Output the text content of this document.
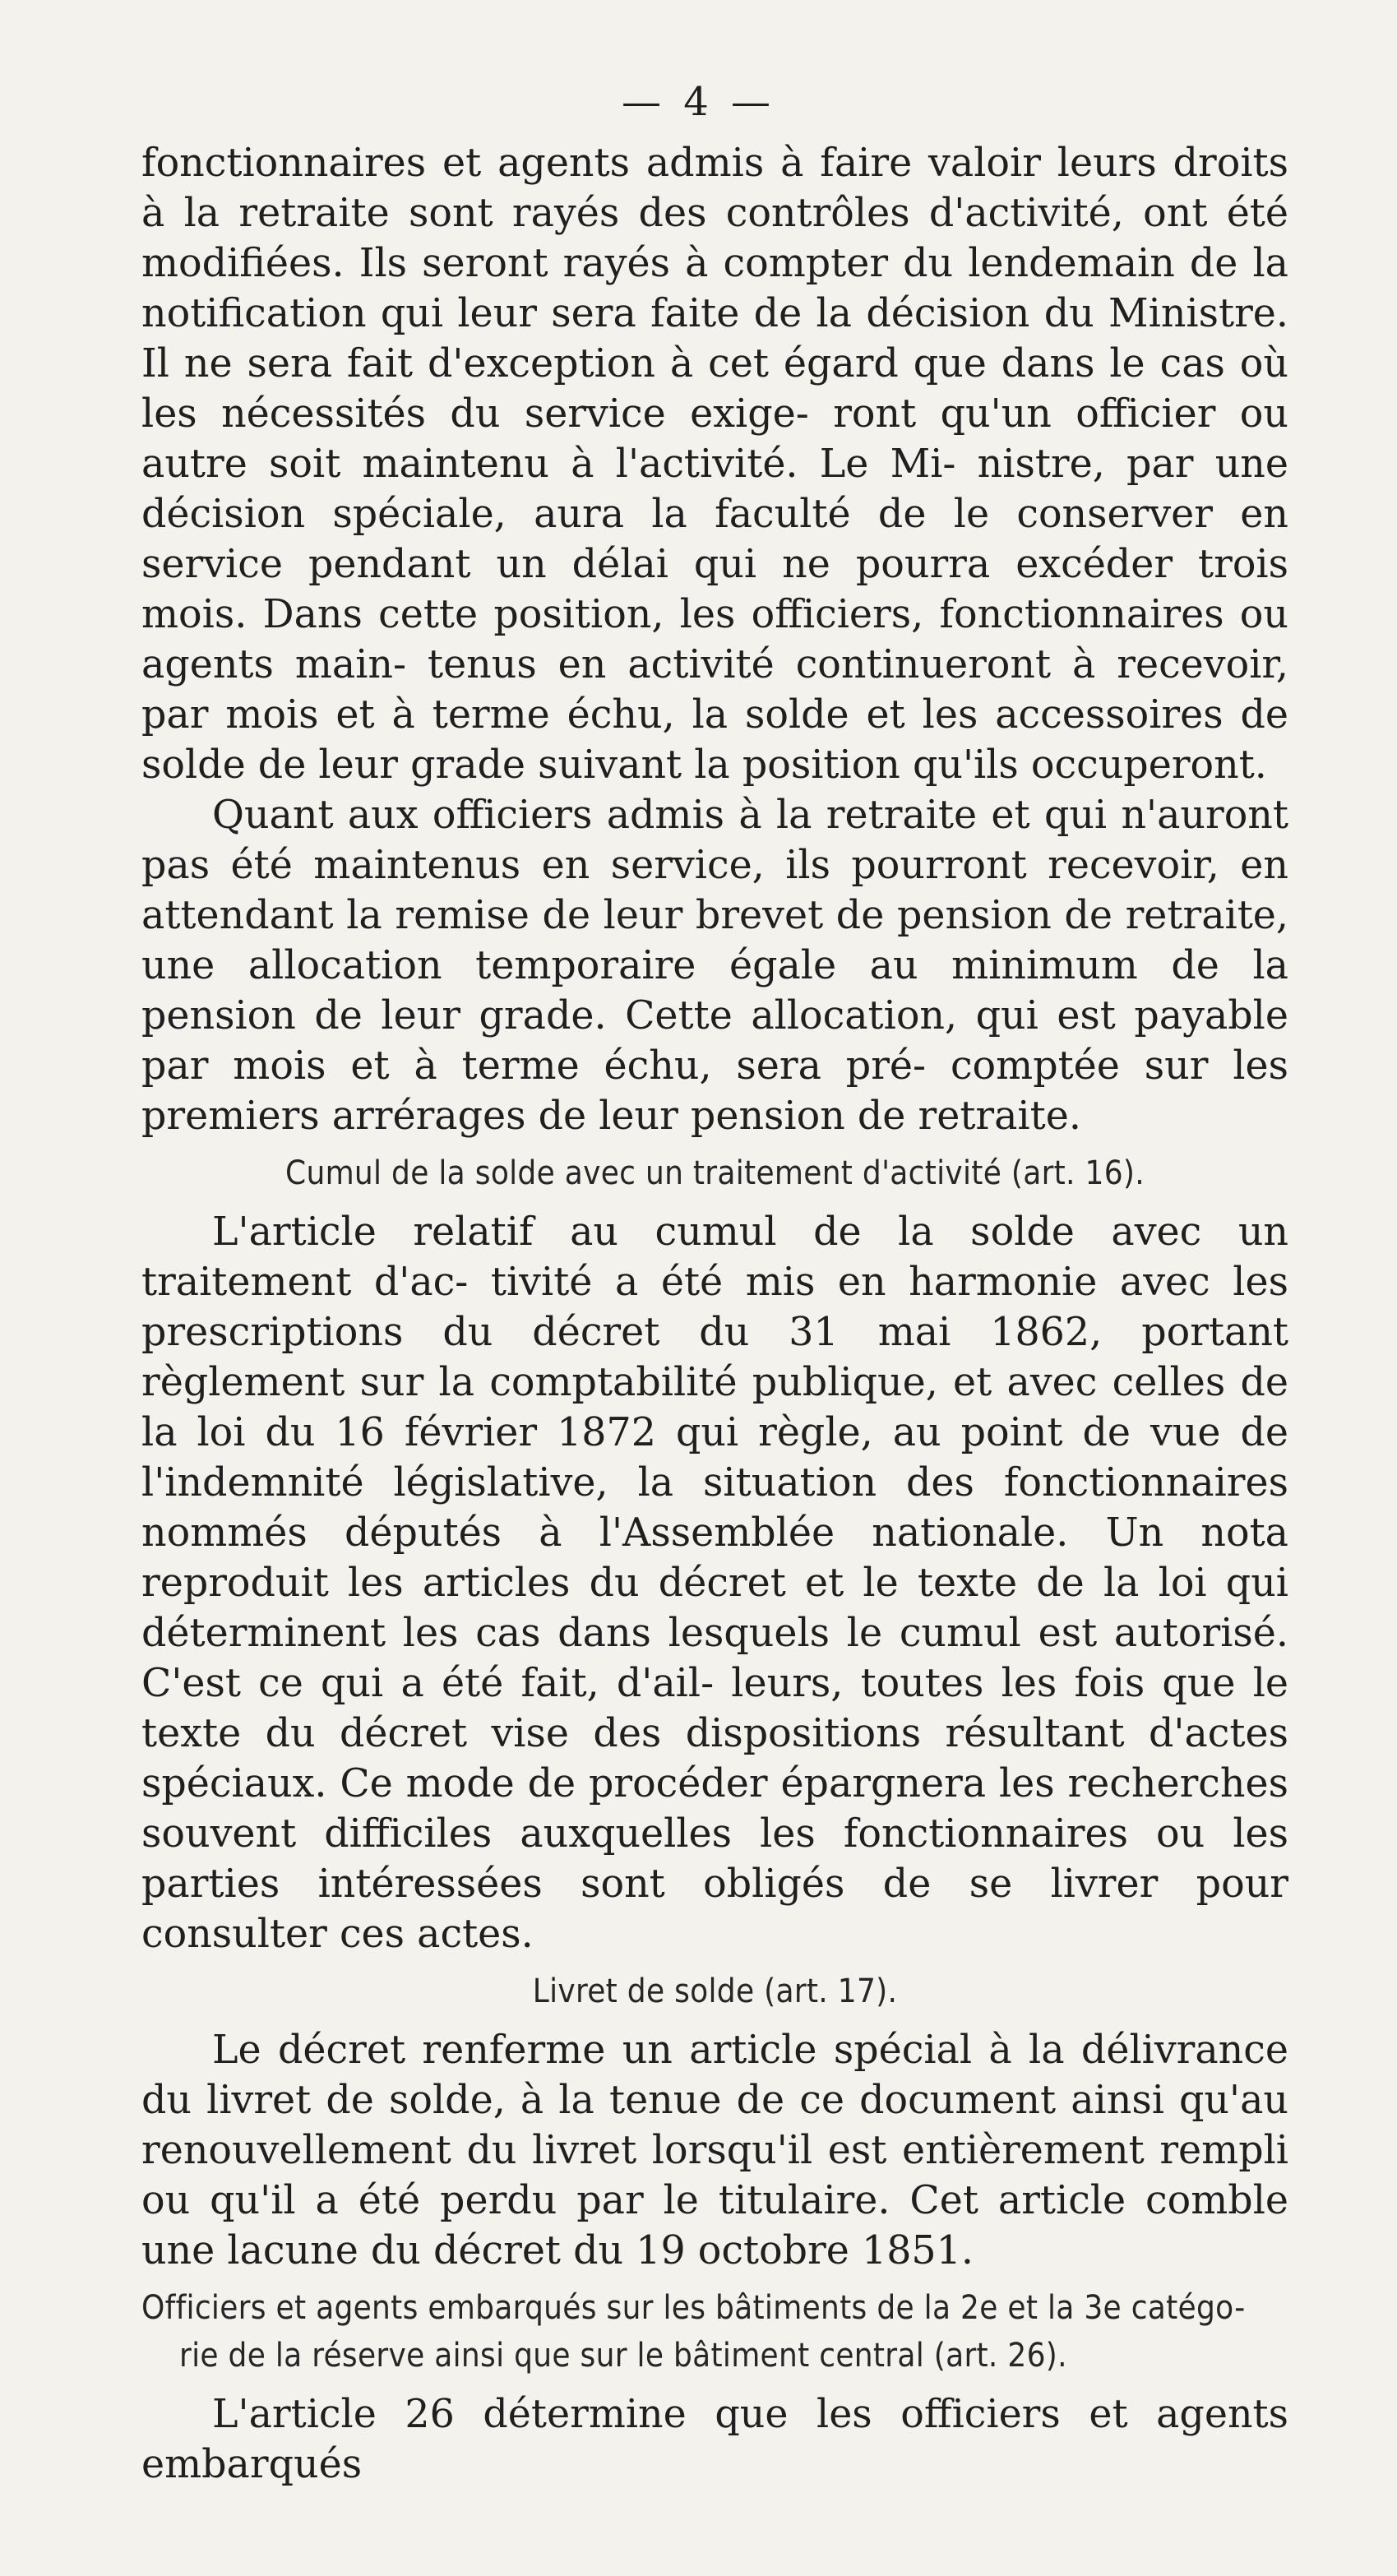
— 4 —

fonctionnaires et agents admis à faire valoir leurs droits à la retraite sont rayés des contrôles d'activité, ont été modifiées. Ils seront rayés à compter du lendemain de la notification qui leur sera faite de la décision du Ministre. Il ne sera fait d'exception à cet égard que dans le cas où les nécessités du service exige- ront qu'un officier ou autre soit maintenu à l'activité. Le Mi- nistre, par une décision spéciale, aura la faculté de le conserver en service pendant un délai qui ne pourra excéder trois mois. Dans cette position, les officiers, fonctionnaires ou agents main- tenus en activité continueront à recevoir, par mois et à terme échu, la solde et les accessoires de solde de leur grade suivant la position qu'ils occuperont.

Quant aux officiers admis à la retraite et qui n'auront pas été maintenus en service, ils pourront recevoir, en attendant la remise de leur brevet de pension de retraite, une allocation temporaire égale au minimum de la pension de leur grade. Cette allocation, qui est payable par mois et à terme échu, sera pré- comptée sur les premiers arrérages de leur pension de retraite.

Cumul de la solde avec un traitement d'activité (art. 16).

L'article relatif au cumul de la solde avec un traitement d'ac- tivité a été mis en harmonie avec les prescriptions du décret du 31 mai 1862, portant règlement sur la comptabilité publique, et avec celles de la loi du 16 février 1872 qui règle, au point de vue de l'indemnité législative, la situation des fonctionnaires nommés députés à l'Assemblée nationale. Un nota reproduit les articles du décret et le texte de la loi qui déterminent les cas dans lesquels le cumul est autorisé. C'est ce qui a été fait, d'ail- leurs, toutes les fois que le texte du décret vise des dispositions résultant d'actes spéciaux. Ce mode de procéder épargnera les recherches souvent difficiles auxquelles les fonctionnaires ou les parties intéressées sont obligés de se livrer pour consulter ces actes.

Livret de solde (art. 17).

Le décret renferme un article spécial à la délivrance du livret de solde, à la tenue de ce document ainsi qu'au renouvellement du livret lorsqu'il est entièrement rempli ou qu'il a été perdu par le titulaire. Cet article comble une lacune du décret du 19 octobre 1851.

Officiers et agents embarqués sur les bâtiments de la 2e et la 3e catégo-
rie de la réserve ainsi que sur le bâtiment central (art. 26).

L'article 26 détermine que les officiers et agents embarqués
